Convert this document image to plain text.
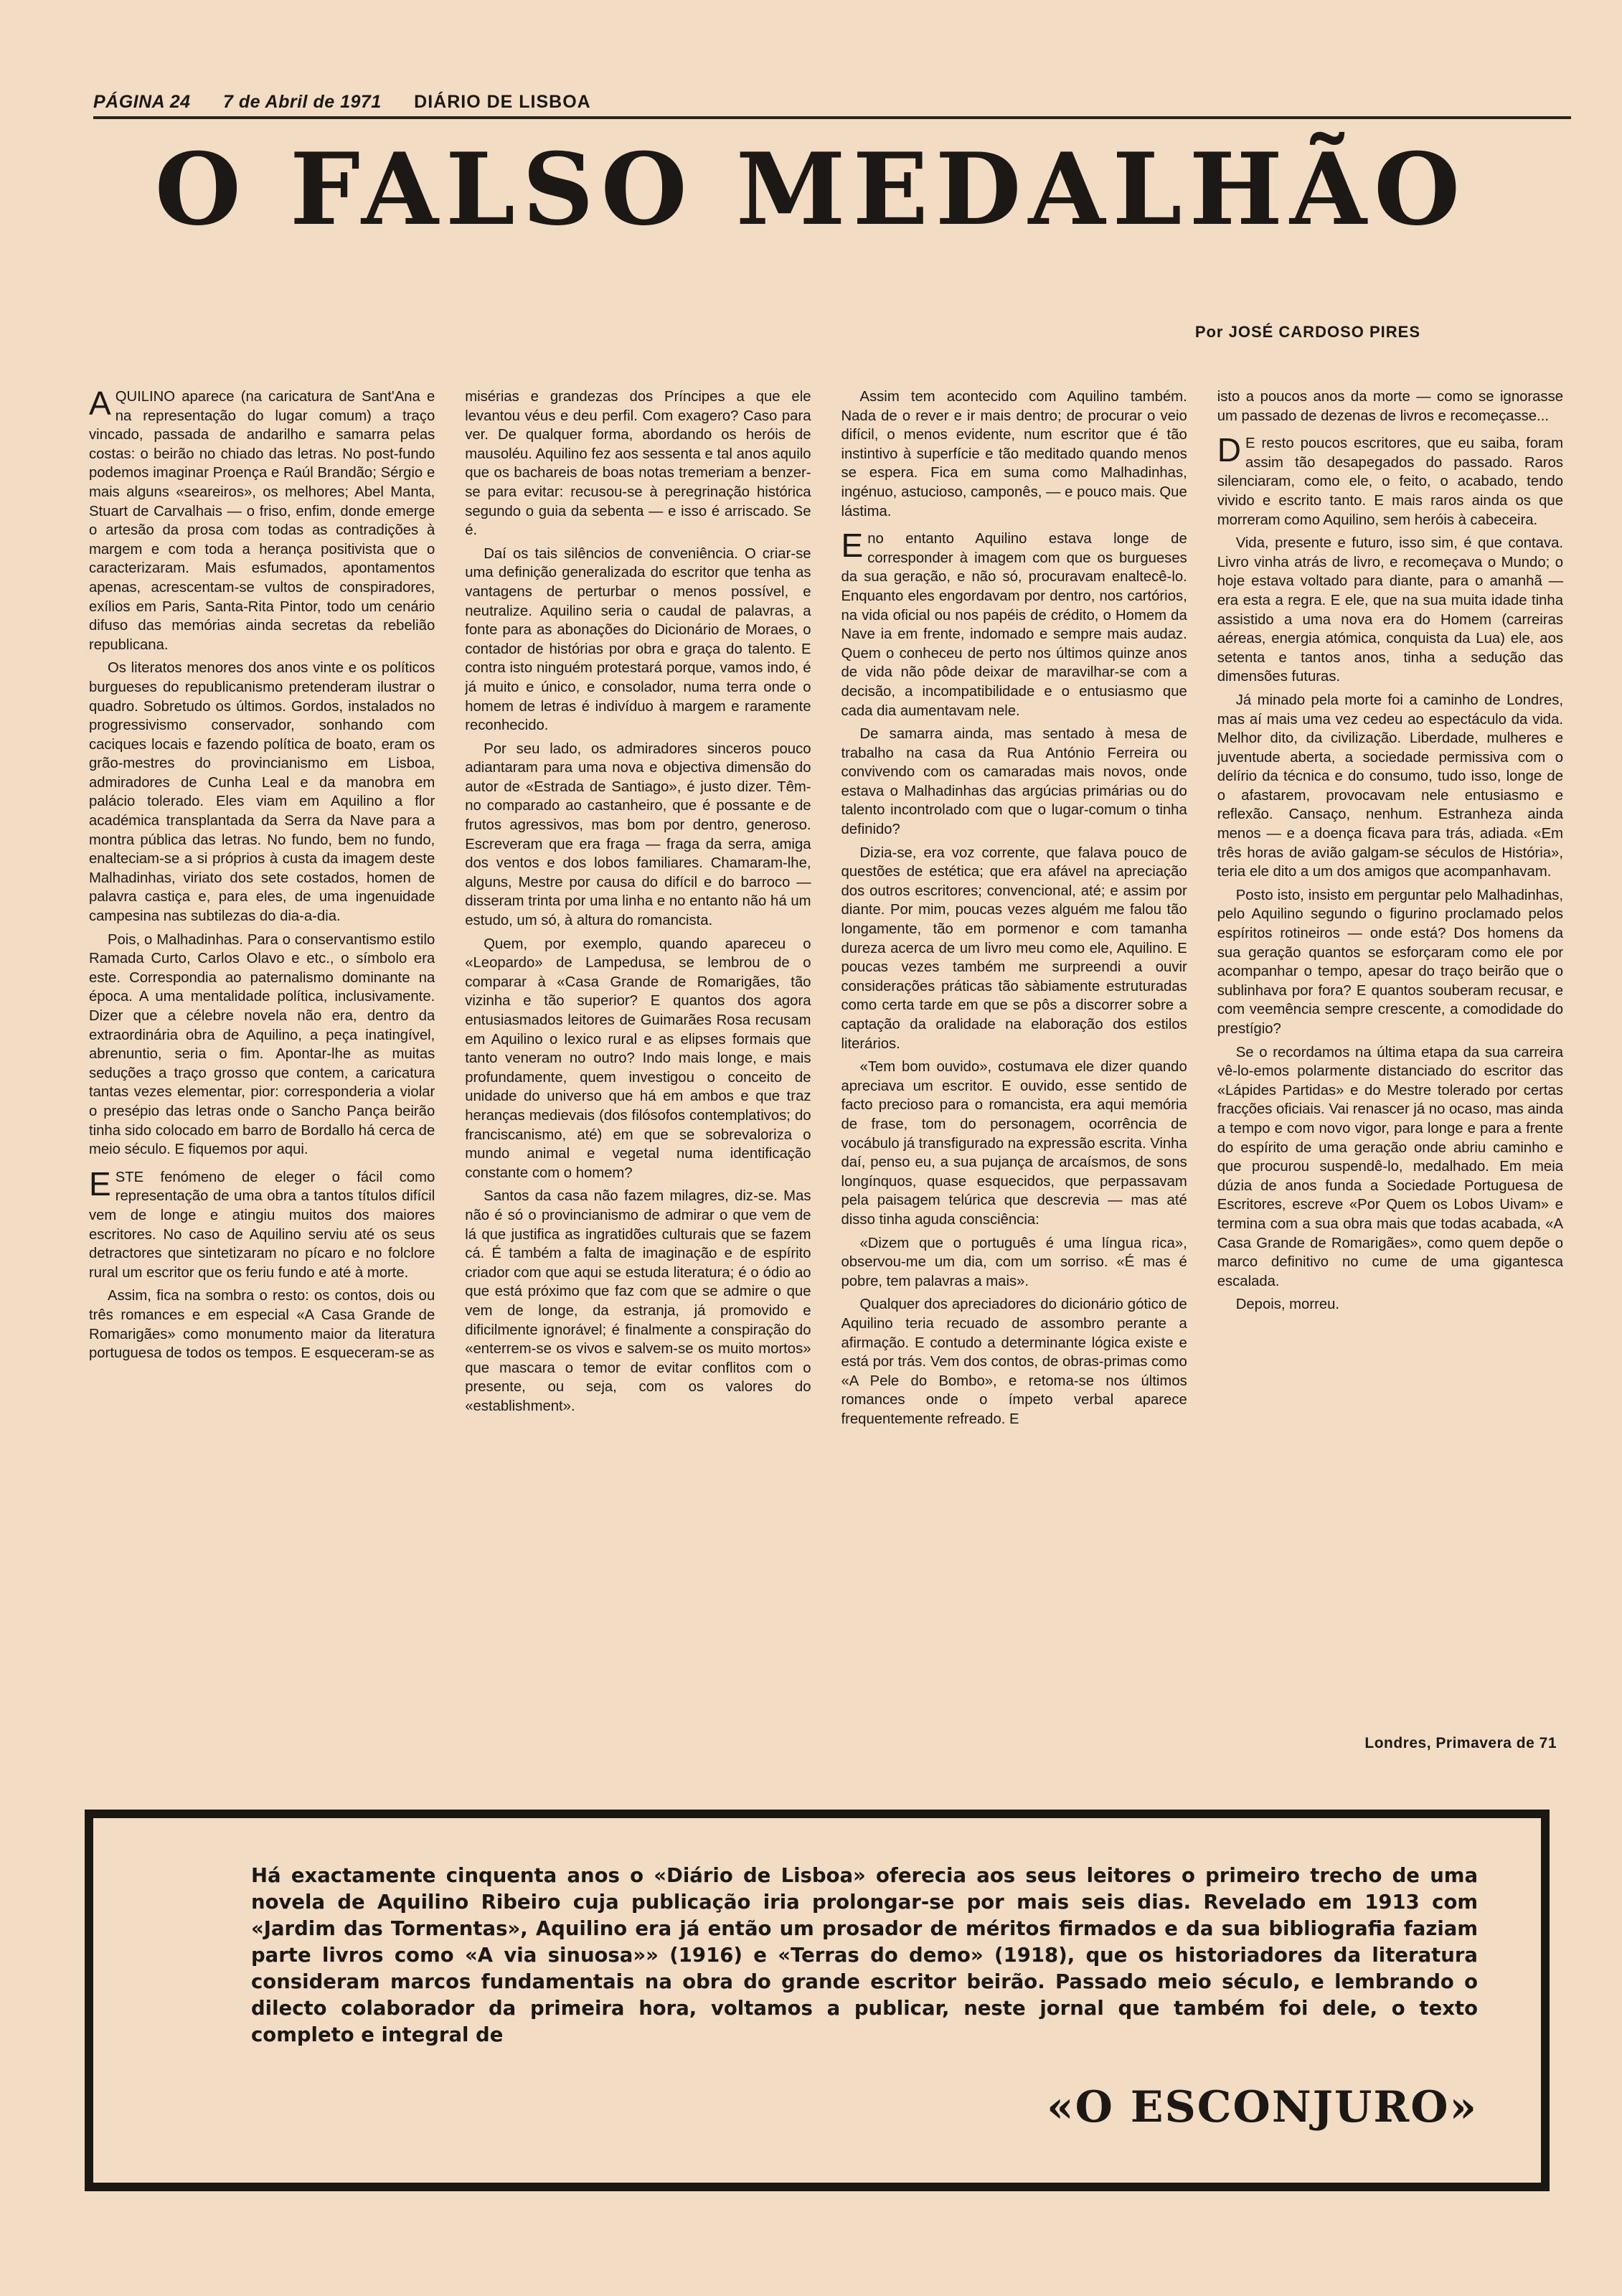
PÁGINA 24 7 de Abril de 1971 DIÁRIO DE LISBOA
O FALSO MEDALHÃO
Por JOSÉ CARDOSO PIRES

AQUILINO aparece (na caricatura de Sant'Ana e na representação do lugar comum) a traço vincado, passada de andarilho e samarra pelas costas: o beirão no chiado das letras. No post-fundo podemos imaginar Proença e Raúl Brandão; Sérgio e mais alguns «seareiros», os melhores; Abel Manta, Stuart de Carvalhais — o friso, enfim, donde emerge o artesão da prosa com todas as contradições à margem e com toda a herança positivista que o caracterizaram. Mais esfumados, apontamentos apenas, acrescentam-se vultos de conspiradores, exílios em Paris, Santa-Rita Pintor, todo um cenário difuso das memórias ainda secretas da rebelião republicana.

Os literatos menores dos anos vinte e os políticos burgueses do republicanismo pretenderam ilustrar o quadro. Sobretudo os últimos. Gordos, instalados no progressivismo conservador, sonhando com caciques locais e fazendo política de boato, eram os grão-mestres do provincianismo em Lisboa, admiradores de Cunha Leal e da manobra em palácio tolerado. Eles viam em Aquilino a flor académica transplantada da Serra da Nave para a montra pública das letras. No fundo, bem no fundo, enalteciam-se a si próprios à custa da imagem deste Malhadinhas, viriato dos sete costados, homen de palavra castiça e, para eles, de uma ingenuidade campesina nas subtilezas do dia-a-dia.

Pois, o Malhadinhas. Para o conservantismo estilo Ramada Curto, Carlos Olavo e etc., o símbolo era este. Correspondia ao paternalismo dominante na época. A uma mentalidade política, inclusivamente. Dizer que a célebre novela não era, dentro da extraordinária obra de Aquilino, a peça inatingível, abrenuntio, seria o fim. Apontar-lhe as muitas seduções a traço grosso que contem, a caricatura tantas vezes elementar, pior: corresponderia a violar o presépio das letras onde o Sancho Pança beirão tinha sido colocado em barro de Bordallo há cerca de meio século. E fiquemos por aqui.

ESTE fenómeno de eleger o fácil como representação de uma obra a tantos títulos difícil vem de longe e atingiu muitos dos maiores escritores. No caso de Aquilino serviu até os seus detractores que sintetizaram no pícaro e no folclore rural um escritor que os feriu fundo e até à morte.

Assim, fica na sombra o resto: os contos, dois ou três romances e em especial «A Casa Grande de Romarigães» como monumento maior da literatura portuguesa de todos os tempos. E esqueceram-se as

misérias e grandezas dos Príncipes a que ele levantou véus e deu perfil. Com exagero? Caso para ver. De qualquer forma, abordando os heróis de mausoléu. Aquilino fez aos sessenta e tal anos aquilo que os bachareis de boas notas tremeriam a benzer-se para evitar: recusou-se à peregrinação histórica segundo o guia da sebenta — e isso é arriscado. Se é.

Daí os tais silêncios de conveniência. O criar-se uma definição generalizada do escritor que tenha as vantagens de perturbar o menos possível, e neutralize. Aquilino seria o caudal de palavras, a fonte para as abonações do Dicionário de Moraes, o contador de histórias por obra e graça do talento. E contra isto ninguém protestará porque, vamos indo, é já muito e único, e consolador, numa terra onde o homem de letras é indivíduo à margem e raramente reconhecido.

Por seu lado, os admiradores sinceros pouco adiantaram para uma nova e objectiva dimensão do autor de «Estrada de Santiago», é justo dizer. Têm-no comparado ao castanheiro, que é possante e de frutos agressivos, mas bom por dentro, generoso. Escreveram que era fraga — fraga da serra, amiga dos ventos e dos lobos familiares. Chamaram-lhe, alguns, Mestre por causa do difícil e do barroco — disseram trinta por uma linha e no entanto não há um estudo, um só, à altura do romancista.

Quem, por exemplo, quando apareceu o «Leopardo» de Lampedusa, se lembrou de o comparar à «Casa Grande de Romarigães, tão vizinha e tão superior? E quantos dos agora entusiasmados leitores de Guimarães Rosa recusam em Aquilino o lexico rural e as elipses formais que tanto veneram no outro? Indo mais longe, e mais profundamente, quem investigou o conceito de unidade do universo que há em ambos e que traz heranças medievais (dos filósofos contemplativos; do franciscanismo, até) em que se sobrevaloriza o mundo animal e vegetal numa identificação constante com o homem?

Santos da casa não fazem milagres, diz-se. Mas não é só o provincianismo de admirar o que vem de lá que justifica as ingratidões culturais que se fazem cá. É também a falta de imaginação e de espírito criador com que aqui se estuda literatura; é o ódio ao que está próximo que faz com que se admire o que vem de longe, da estranja, já promovido e dificilmente ignorável; é finalmente a conspiração do «enterrem-se os vivos e salvem-se os muito mortos» que mascara o temor de evitar conflitos com o presente, ou seja, com os valores do «establishment».

Assim tem acontecido com Aquilino também. Nada de o rever e ir mais dentro; de procurar o veio difícil, o menos evidente, num escritor que é tão instintivo à superfície e tão meditado quando menos se espera. Fica em suma como Malhadinhas, ingénuo, astucioso, camponês, — e pouco mais. Que lástima.

Eno entanto Aquilino estava longe de corresponder à imagem com que os burgueses da sua geração, e não só, procuravam enaltecê-lo. Enquanto eles engordavam por dentro, nos cartórios, na vida oficial ou nos papéis de crédito, o Homem da Nave ia em frente, indomado e sempre mais audaz. Quem o conheceu de perto nos últimos quinze anos de vida não pôde deixar de maravilhar-se com a decisão, a incompatibilidade e o entusiasmo que cada dia aumentavam nele.

De samarra ainda, mas sentado à mesa de trabalho na casa da Rua António Ferreira ou convivendo com os camaradas mais novos, onde estava o Malhadinhas das argúcias primárias ou do talento incontrolado com que o lugar-comum o tinha definido?

Dizia-se, era voz corrente, que falava pouco de questões de estética; que era afável na apreciação dos outros escritores; convencional, até; e assim por diante. Por mim, poucas vezes alguém me falou tão longamente, tão em pormenor e com tamanha dureza acerca de um livro meu como ele, Aquilino. E poucas vezes também me surpreendi a ouvir considerações práticas tão sàbiamente estruturadas como certa tarde em que se pôs a discorrer sobre a captação da oralidade na elaboração dos estilos literários.

«Tem bom ouvido», costumava ele dizer quando apreciava um escritor. E ouvido, esse sentido de facto precioso para o romancista, era aqui memória de frase, tom do personagem, ocorrência de vocábulo já transfigurado na expressão escrita. Vinha daí, penso eu, a sua pujança de arcaísmos, de sons longínquos, quase esquecidos, que perpassavam pela paisagem telúrica que descrevia — mas até disso tinha aguda consciência:

«Dizem que o português é uma língua rica», observou-me um dia, com um sorriso. «É mas é pobre, tem palavras a mais».

Qualquer dos apreciadores do dicionário gótico de Aquilino teria recuado de assombro perante a afirmação. E contudo a determinante lógica existe e está por trás. Vem dos contos, de obras-primas como «A Pele do Bombo», e retoma-se nos últimos romances onde o ímpeto verbal aparece frequentemente refreado. E

isto a poucos anos da morte — como se ignorasse um passado de dezenas de livros e recomeçasse...

D E resto poucos escritores, que eu saiba, foram assim tão desapegados do passado. Raros silenciaram, como ele, o feito, o acabado, tendo vivido e escrito tanto. E mais raros ainda os que morreram como Aquilino, sem heróis à cabeceira.

Vida, presente e futuro, isso sim, é que contava. Livro vinha atrás de livro, e recomeçava o Mundo; o hoje estava voltado para diante, para o amanhã — era esta a regra. E ele, que na sua muita idade tinha assistido a uma nova era do Homem (carreiras aéreas, energia atómica, conquista da Lua) ele, aos setenta e tantos anos, tinha a sedução das dimensões futuras.

Já minado pela morte foi a caminho de Londres, mas aí mais uma vez cedeu ao espectáculo da vida. Melhor dito, da civilização. Liberdade, mulheres e juventude aberta, a sociedade permissiva com o delírio da técnica e do consumo, tudo isso, longe de o afastarem, provocavam nele entusiasmo e reflexão. Cansaço, nenhum. Estranheza ainda menos — e a doença ficava para trás, adiada. «Em três horas de avião galgam-se séculos de História», teria ele dito a um dos amigos que acompanhavam.

Posto isto, insisto em perguntar pelo Malhadinhas, pelo Aquilino segundo o figurino proclamado pelos espíritos rotineiros — onde está? Dos homens da sua geração quantos se esforçaram como ele por acompanhar o tempo, apesar do traço beirão que o sublinhava por fora? E quantos souberam recusar, e com veemência sempre crescente, a comodidade do prestígio?

Se o recordamos na última etapa da sua carreira vê-lo-emos polarmente distanciado do escritor das «Lápides Partidas» e do Mestre tolerado por certas fracções oficiais. Vai renascer já no ocaso, mas ainda a tempo e com novo vigor, para longe e para a frente do espírito de uma geração onde abriu caminho e que procurou suspendê-lo, medalhado. Em meia dúzia de anos funda a Sociedade Portuguesa de Escritores, escreve «Por Quem os Lobos Uivam» e termina com a sua obra mais que todas acabada, «A Casa Grande de Romarigães», como quem depõe o marco definitivo no cume de uma gigantesca escalada.

Depois, morreu.

Londres, Primavera de 71
Há exactamente cinquenta anos o «Diário de Lisboa» oferecia aos seus leitores o primeiro trecho de uma novela de Aquilino Ribeiro cuja publicação iria prolongar-se por mais seis dias. Revelado em 1913 com «Jardim das Tormentas», Aquilino era já então um prosador de méritos firmados e da sua bibliografia faziam parte livros como «A via sinuosa»» (1916) e «Terras do demo» (1918), que os historiadores da literatura consideram marcos fundamentais na obra do grande escritor beirão. Passado meio século, e lembrando o dilecto colaborador da primeira hora, voltamos a publicar, neste jornal que também foi dele, o texto completo e integral de
«O ESCONJURO»
